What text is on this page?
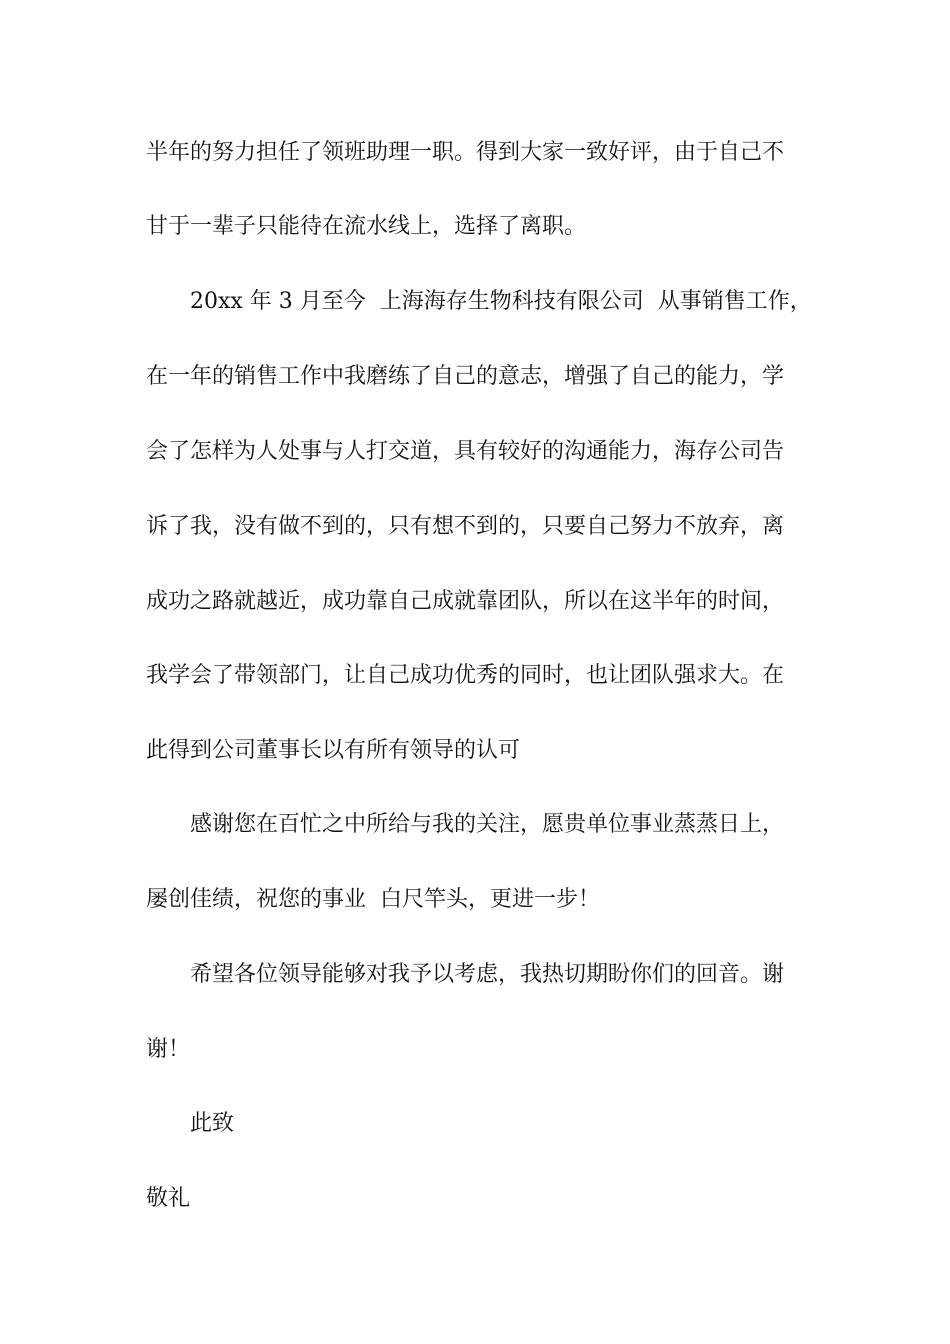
半年的努力担任了领班助理一职。得到大家一致好评，由于自己不
甘于一辈子只能待在流水线上，选择了离职。
20xx 年 3 月至今  上海海存生物科技有限公司  从事销售工作，
在一年的销售工作中我磨练了自己的意志，增强了自己的能力，学
会了怎样为人处事与人打交道，具有较好的沟通能力，海存公司告
诉了我，没有做不到的，只有想不到的，只要自己努力不放弃，离
成功之路就越近，成功靠自己成就靠团队，所以在这半年的时间，
我学会了带领部门，让自己成功优秀的同时，也让团队强求大。在
此得到公司董事长以有所有领导的认可
感谢您在百忙之中所给与我的关注，愿贵单位事业蒸蒸日上，
屡创佳绩，祝您的事业  白尺竿头，更进一步！
希望各位领导能够对我予以考虑，我热切期盼你们的回音。谢
谢！
此致
敬礼
